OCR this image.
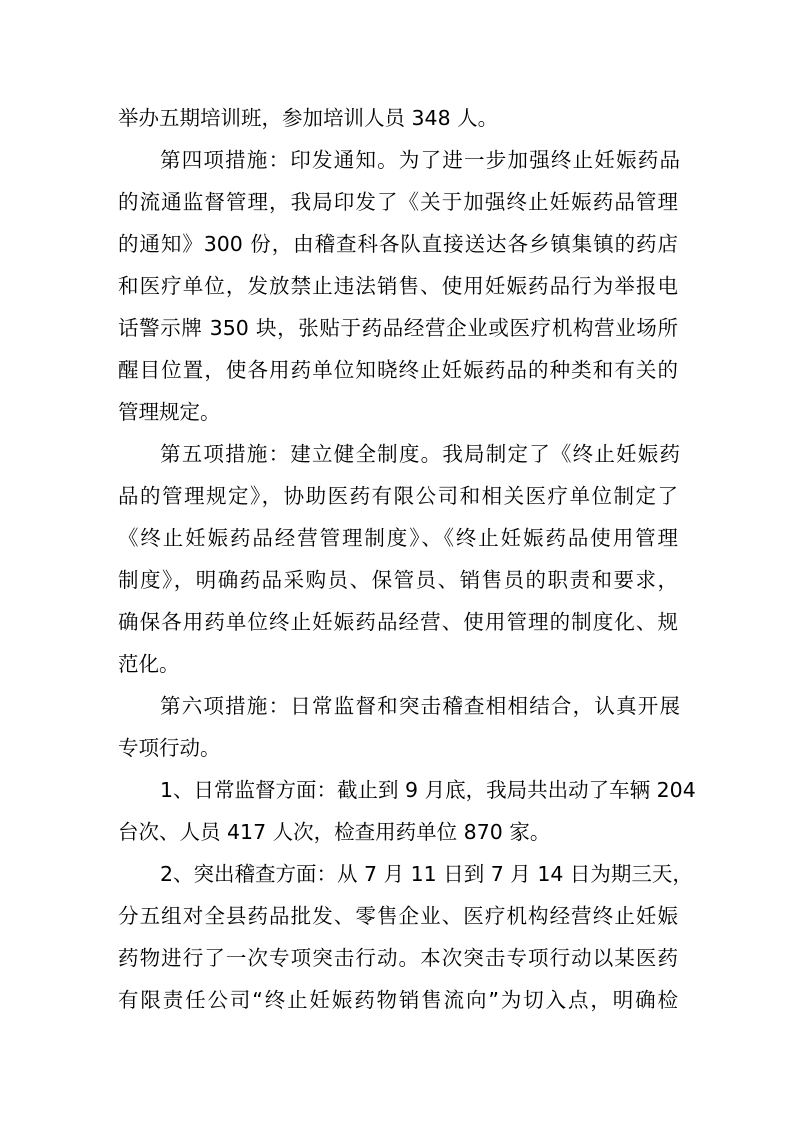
举办五期培训班，参加培训人员 348 人。
第四项措施：印发通知。为了进一步加强终止妊娠药品
的流通监督管理，我局印发了《关于加强终止妊娠药品管理
的通知》300 份，由稽查科各队直接送达各乡镇集镇的药店
和医疗单位，发放禁止违法销售、使用妊娠药品行为举报电
话警示牌 350 块，张贴于药品经营企业或医疗机构营业场所
醒目位置，使各用药单位知晓终止妊娠药品的种类和有关的
管理规定。
第五项措施：建立健全制度。我局制定了《终止妊娠药
品的管理规定》，协助医药有限公司和相关医疗单位制定了
《终止妊娠药品经营管理制度》、《终止妊娠药品使用管理
制度》，明确药品采购员、保管员、销售员的职责和要求，
确保各用药单位终止妊娠药品经营、使用管理的制度化、规
范化。
第六项措施：日常监督和突击稽查相相结合，认真开展
专项行动。
1、日常监督方面：截止到 9 月底，我局共出动了车辆 204
台次、人员 417 人次，检查用药单位 870 家。
2、突出稽查方面：从 7 月 11 日到 7 月 14 日为期三天，
分五组对全县药品批发、零售企业、医疗机构经营终止妊娠
药物进行了一次专项突击行动。本次突击专项行动以某医药
有限责任公司“终止妊娠药物销售流向”为切入点，明确检
